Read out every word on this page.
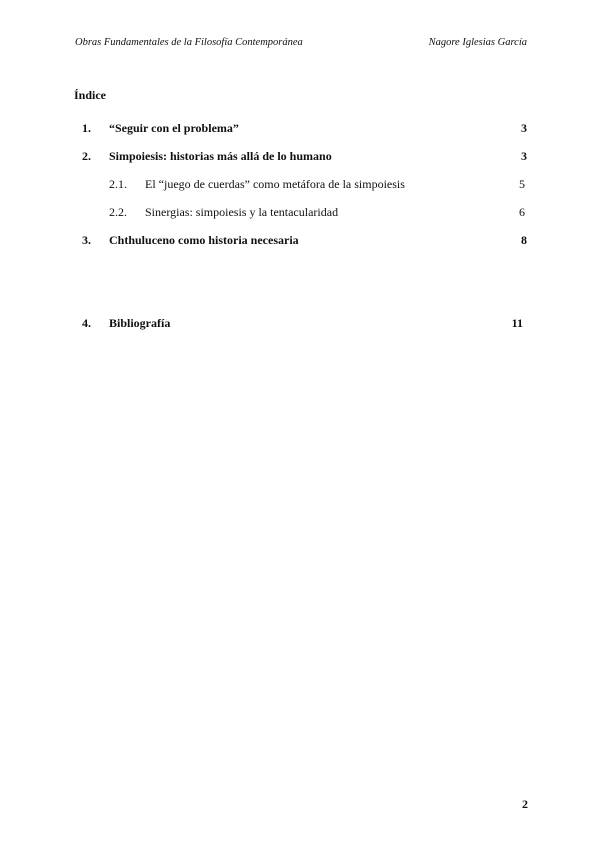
Obras Fundamentales de la Filosofía Contemporánea	Nagore Iglesias García
Índice
1. “Seguir con el problema”	3
2. Simpoiesis: historias más allá de lo humano	3
2.1. El “juego de cuerdas” como metáfora de la simpoiesis	5
2.2. Sinergias: simpoiesis y la tentacularidad	6
3. Chthuluceno como historia necesaria	8
4. Bibliografía	11
2
